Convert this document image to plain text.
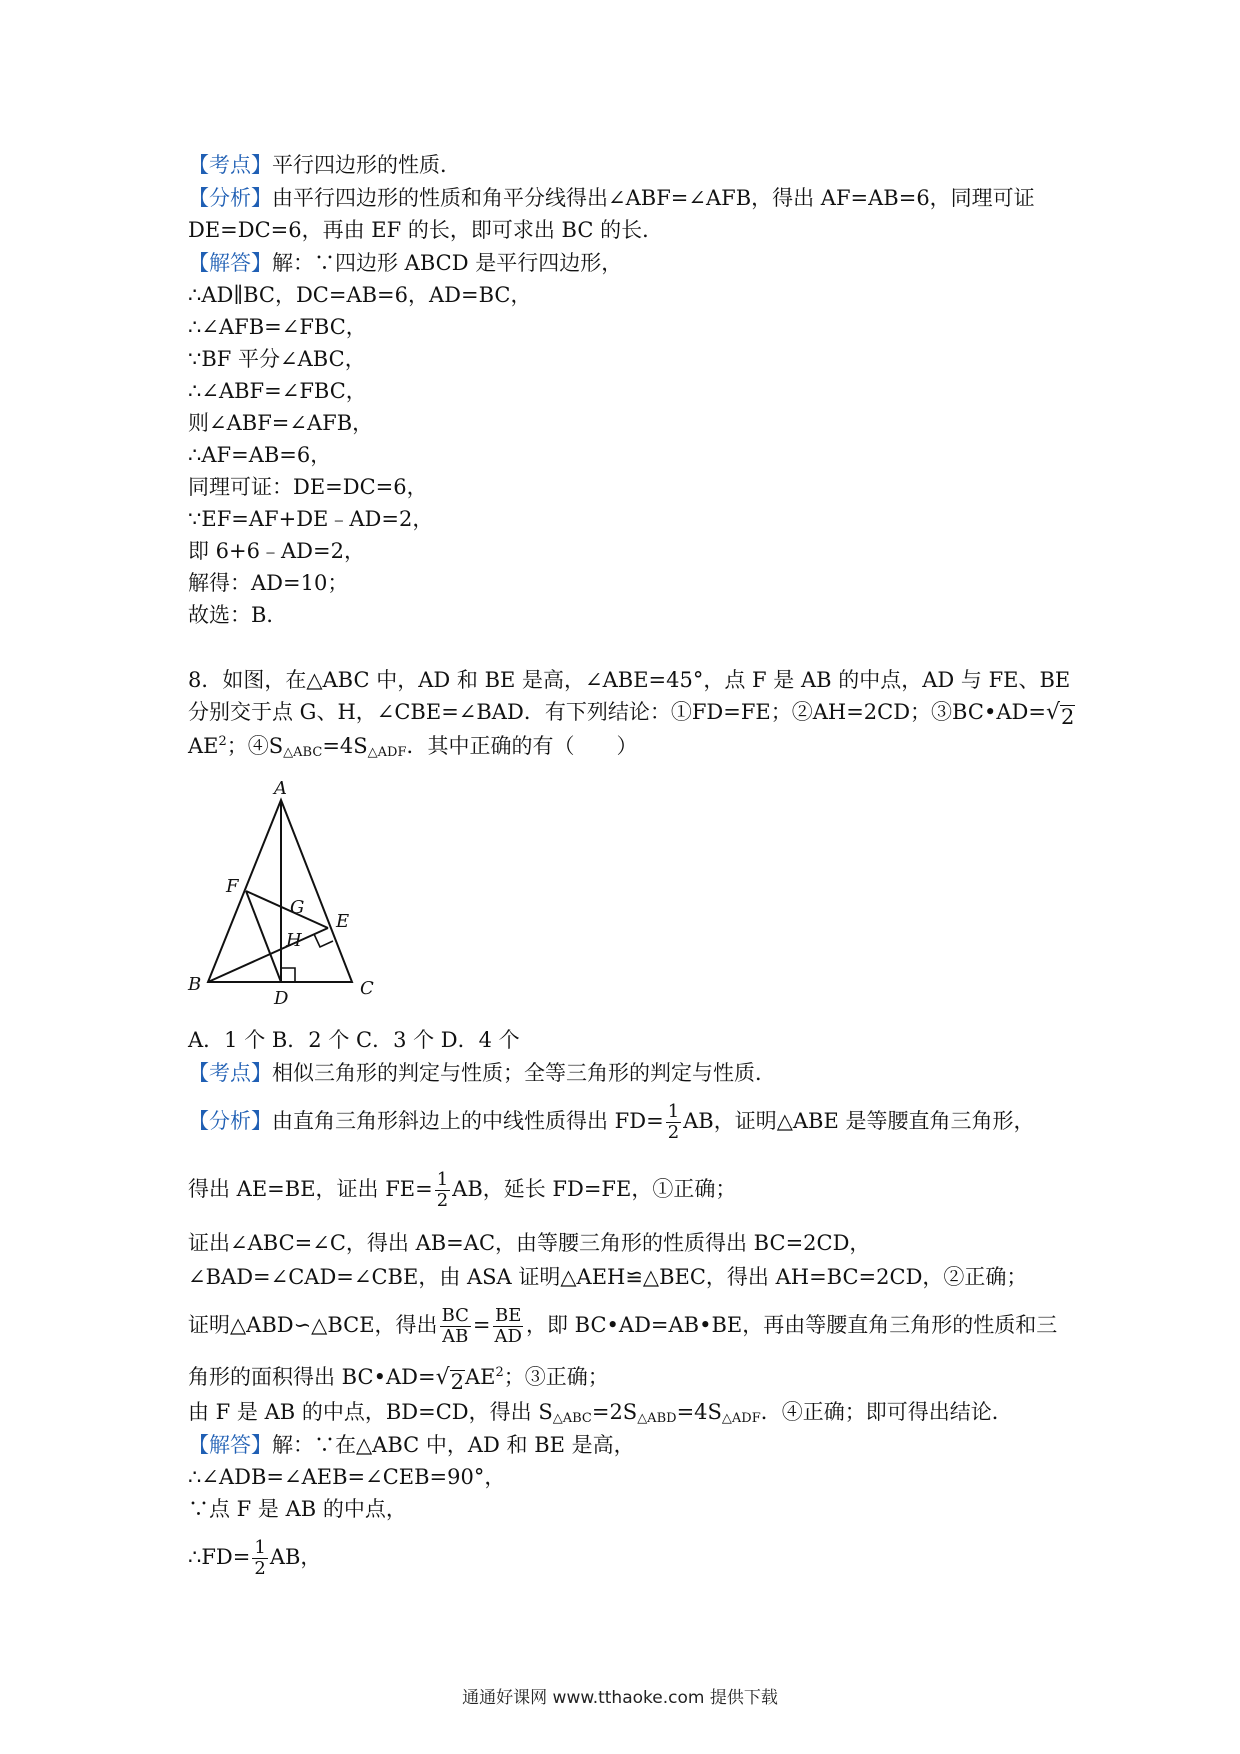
【考点】平行四边形的性质．
【分析】由平行四边形的性质和角平分线得出∠ABF=∠AFB，得出 AF=AB=6，同理可证
DE=DC=6，再由 EF 的长，即可求出 BC 的长．
【解答】解：∵四边形 ABCD 是平行四边形，
∴AD∥BC，DC=AB=6，AD=BC，
∴∠AFB=∠FBC，
∵BF 平分∠ABC，
∴∠ABF=∠FBC，
则∠ABF=∠AFB，
∴AF=AB=6，
同理可证：DE=DC=6，
∵EF=AF+DE﹣AD=2，
即 6+6﹣AD=2，
解得：AD=10；
故选：B．
8．如图，在△ABC 中，AD 和 BE 是高，∠ABE=45°，点 F 是 AB 的中点，AD 与 FE、BE
分别交于点 G、H，∠CBE=∠BAD．有下列结论：①FD=FE；②AH=2CD；③BC•AD= √ 2
$AE^2$；$④S_{\triangle ABC}=4S_{\triangle ADF}$．其中正确的有（　　）
A
B	C
D
E
F
G
H
A．1 个 B．2 个 C．3 个 D．4 个
【考点】相似三角形的判定与性质；全等三角形的判定与性质．
【分析】由直角三角形斜边上的中线性质得出 $FD= \frac{1}{2}$ AB，证明△ABE 是等腰直角三角形，
得出 AE=BE，证出 $FE= \frac{1}{2}$ AB，延长 FD=FE，①正确；
证出∠ABC=∠C，得出 AB=AC，由等腰三角形的性质得出 BC=2CD，
∠BAD=∠CAD=∠CBE，由 ASA 证明△AEH≌△BEC，得出 AH=BC=2CD，②正确；
证明△ABD∽△BCE，得出 $\frac{BC}{AB} = \frac{BE}{AD}$ ，即 BC•AD=AB•BE，再由等腰直角三角形的性质和三
角形的面积得出 BC•AD= √ 2 $AE^2$；③正确；
由 F 是 AB 的中点，BD=CD，得出 $S_{\triangle ABC}=2S_{\triangle ABD}=4S_{\triangle ADF}$．④正确；即可得出结论．
【解答】解：∵在△ABC 中，AD 和 BE 是高，
∴∠ADB=∠AEB=∠CEB=90°，
∵点 F 是 AB 的中点，
∴FD= $\frac{1}{2}$ AB，
通通好课网 www.tthaoke.com 提供下载
